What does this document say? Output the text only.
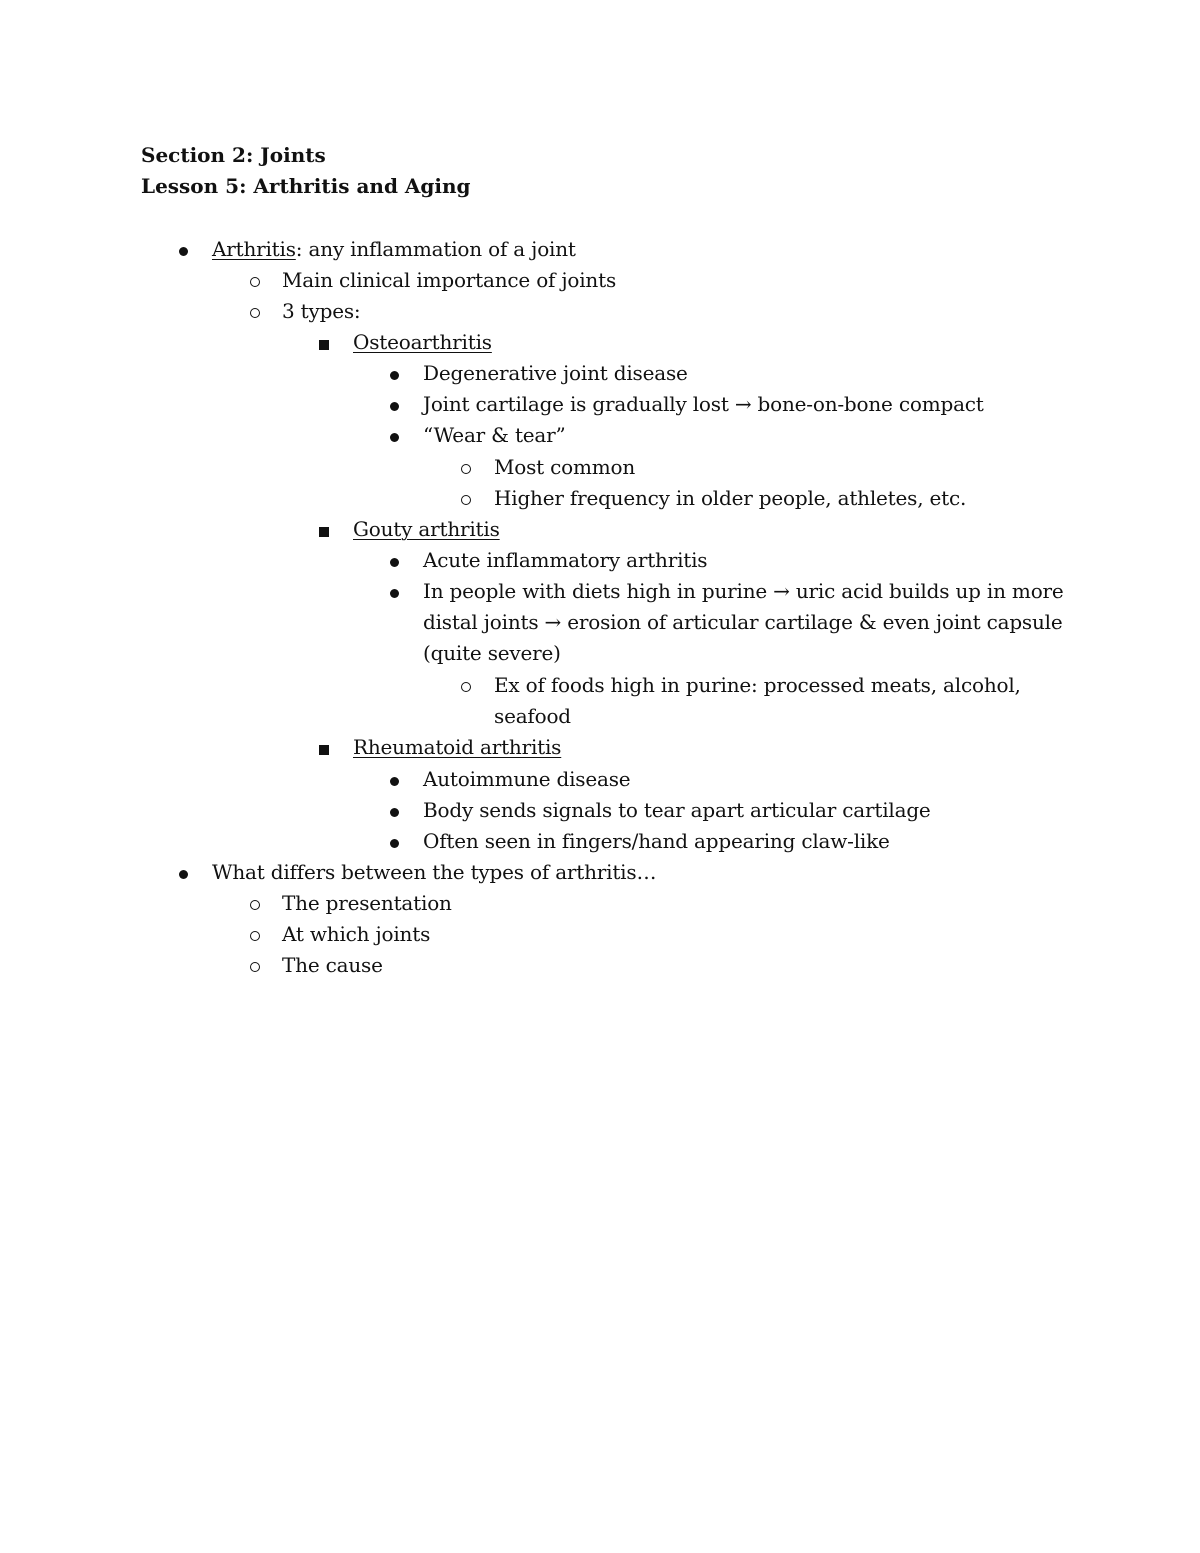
Section 2: Joints
Lesson 5: Arthritis and Aging
Arthritis: any inflammation of a joint
Main clinical importance of joints
3 types:
Osteoarthritis
Degenerative joint disease
Joint cartilage is gradually lost → bone-on-bone compact
“Wear & tear”
Most common
Higher frequency in older people, athletes, etc.
Gouty arthritis
Acute inflammatory arthritis
In people with diets high in purine → uric acid builds up in more
distal joints → erosion of articular cartilage & even joint capsule
(quite severe)
Ex of foods high in purine: processed meats, alcohol,
seafood
Rheumatoid arthritis
Autoimmune disease
Body sends signals to tear apart articular cartilage
Often seen in fingers/hand appearing claw-like
What differs between the types of arthritis…
The presentation
At which joints
The cause
